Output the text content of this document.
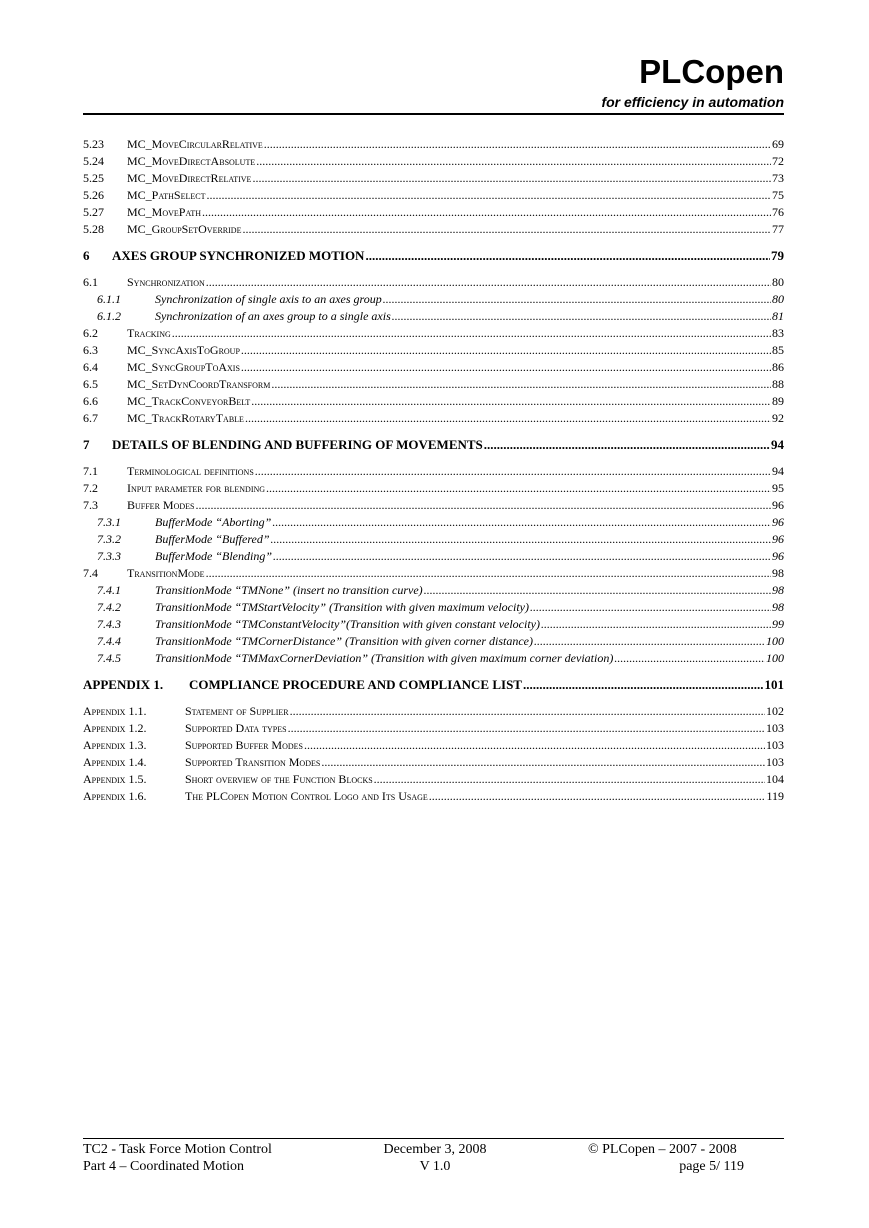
PLCopen
for efficiency in automation
5.23	MC_MoveCircularRelative .....	69
5.24	MC_MoveDirectAbsolute .....	72
5.25	MC_MoveDirectRelative .....	73
5.26	MC_PathSelect .....	75
5.27	MC_MovePath .....	76
5.28	MC_GroupSetOverride .....	77
6	AXES GROUP SYNCHRONIZED MOTION .....	79
6.1	Synchronization .....	80
6.1.1	Synchronization of single axis to an axes group .....	80
6.1.2	Synchronization of an axes group to a single axis .....	81
6.2	Tracking .....	83
6.3	MC_SyncAxisToGroup .....	85
6.4	MC_SyncGroupToAxis .....	86
6.5	MC_SetDynCoordTransform .....	88
6.6	MC_TrackConveyorBelt .....	89
6.7	MC_TrackRotaryTable .....	92
7	DETAILS OF BLENDING AND BUFFERING OF MOVEMENTS .....	94
7.1	Terminological definitions .....	94
7.2	Input parameter for blending .....	95
7.3	Buffer Modes .....	96
7.3.1	BufferMode “Aborting” .....	96
7.3.2	BufferMode “Buffered” .....	96
7.3.3	BufferMode “Blending” .....	96
7.4	TransitionMode .....	98
7.4.1	TransitionMode “TMNone” (insert no transition curve) .....	98
7.4.2	TransitionMode “TMStartVelocity” (Transition with given maximum velocity) .....	98
7.4.3	TransitionMode “TMConstantVelocity”(Transition with given constant velocity) .....	99
7.4.4	TransitionMode “TMCornerDistance” (Transition with given corner distance) .....	100
7.4.5	TransitionMode “TMMaxCornerDeviation” (Transition with given maximum corner deviation) .....	100
APPENDIX 1.	COMPLIANCE PROCEDURE AND COMPLIANCE LIST .....	101
Appendix 1.1.	Statement of Supplier .....	102
Appendix 1.2.	Supported Data types .....	103
Appendix 1.3.	Supported Buffer Modes .....	103
Appendix 1.4.	Supported Transition Modes .....	103
Appendix 1.5.	Short overview of the Function Blocks .....	104
Appendix 1.6.	The PLCopen Motion Control Logo and Its Usage .....	119
TC2 - Task Force Motion Control
Part 4 – Coordinated Motion
December 3, 2008
V 1.0
© PLCopen – 2007 - 2008
page 5/ 119
